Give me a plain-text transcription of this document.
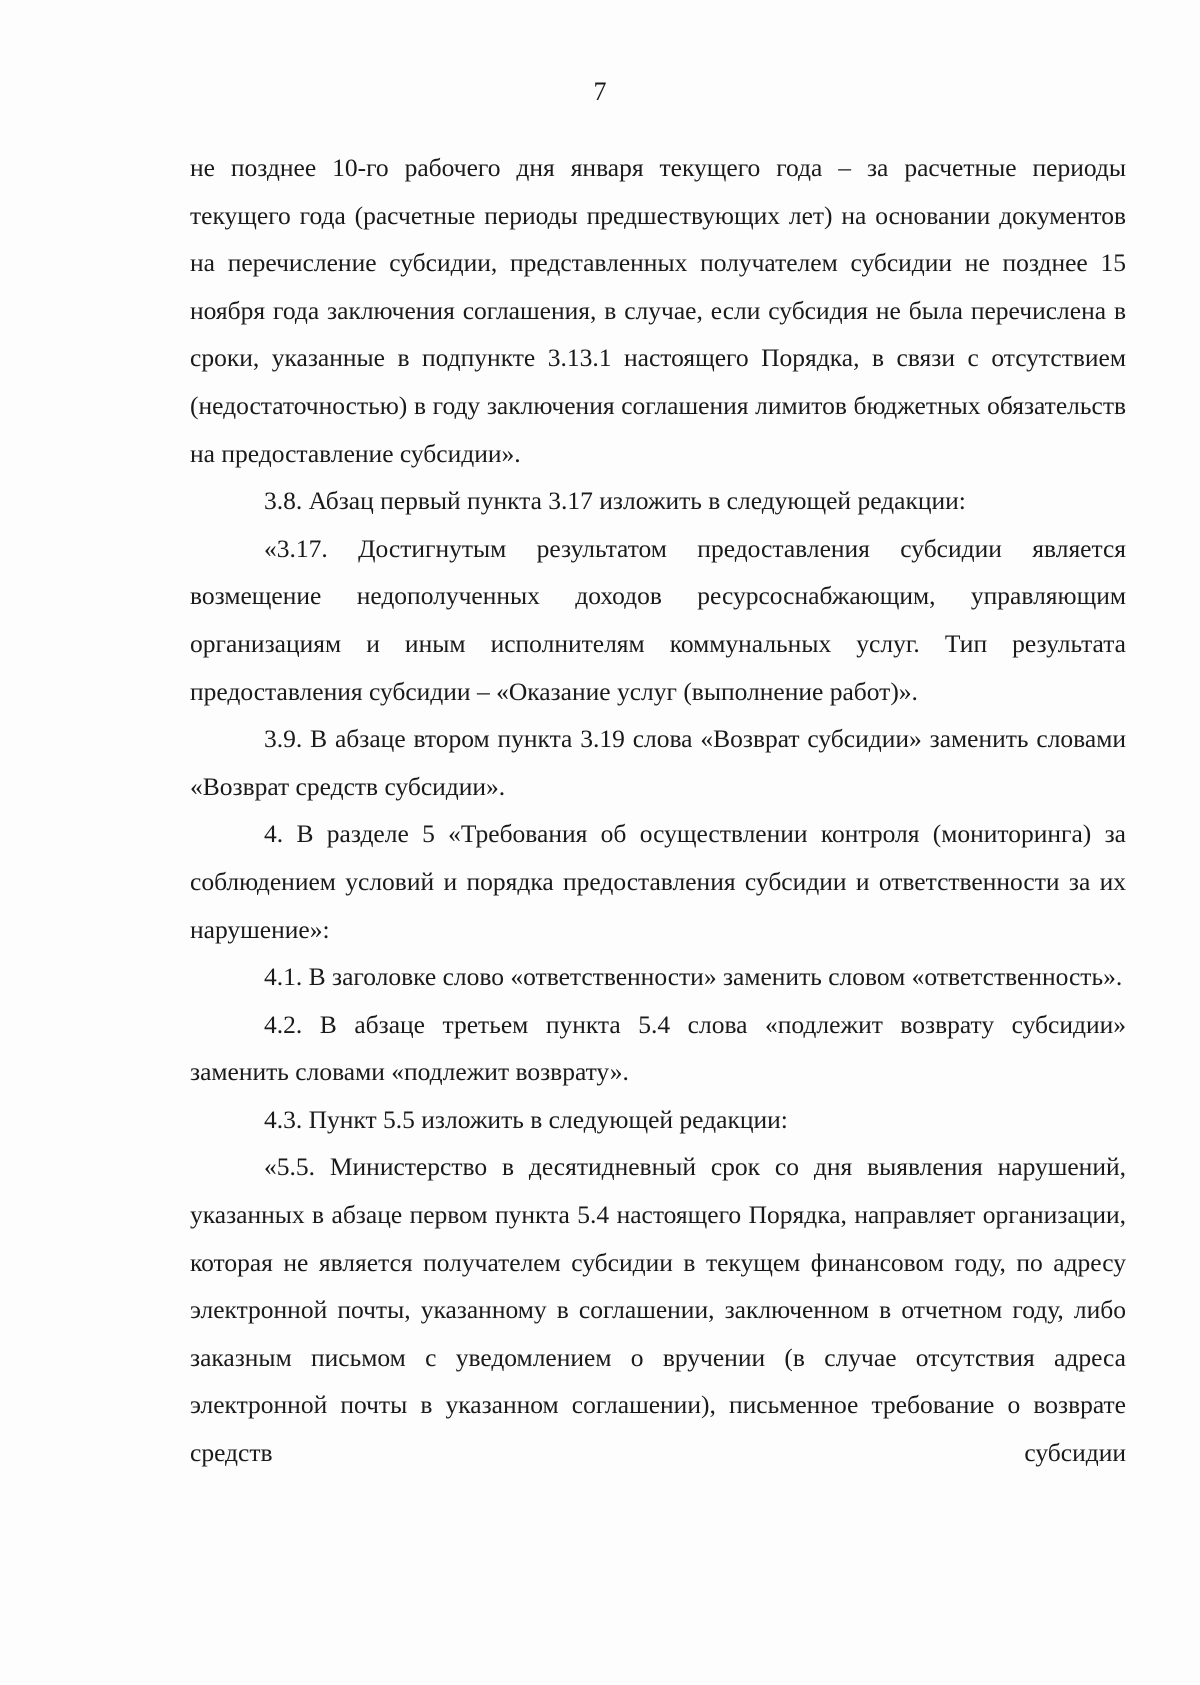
7

не позднее 10-го рабочего дня января текущего года – за расчетные периоды текущего года (расчетные периоды предшествующих лет) на основании документов на перечисление субсидии, представленных получателем субсидии не позднее 15 ноября года заключения соглашения, в случае, если субсидия не была перечислена в сроки, указанные в подпункте 3.13.1 настоящего Порядка, в связи с отсутствием (недостаточностью) в году заключения соглашения лимитов бюджетных обязательств на предоставление субсидии».

3.8. Абзац первый пункта 3.17 изложить в следующей редакции:

«3.17. Достигнутым результатом предоставления субсидии является возмещение недополученных доходов ресурсоснабжающим, управляющим организациям и иным исполнителям коммунальных услуг. Тип результата предоставления субсидии – «Оказание услуг (выполнение работ)».

3.9. В абзаце втором пункта 3.19 слова «Возврат субсидии» заменить словами «Возврат средств субсидии».

4. В разделе 5 «Требования об осуществлении контроля (мониторинга) за соблюдением условий и порядка предоставления субсидии и ответственности за их нарушение»:

4.1. В заголовке слово «ответственности» заменить словом «ответственность».

4.2. В абзаце третьем пункта 5.4 слова «подлежит возврату субсидии» заменить словами «подлежит возврату».

4.3. Пункт 5.5 изложить в следующей редакции:

«5.5. Министерство в десятидневный срок со дня выявления нарушений, указанных в абзаце первом пункта 5.4 настоящего Порядка, направляет организации, которая не является получателем субсидии в текущем финансовом году, по адресу электронной почты, указанному в соглашении, заключенном в отчетном году, либо заказным письмом с уведомлением о вручении (в случае отсутствия адреса электронной почты в указанном соглашении), письменное требование о возврате средств субсидии
